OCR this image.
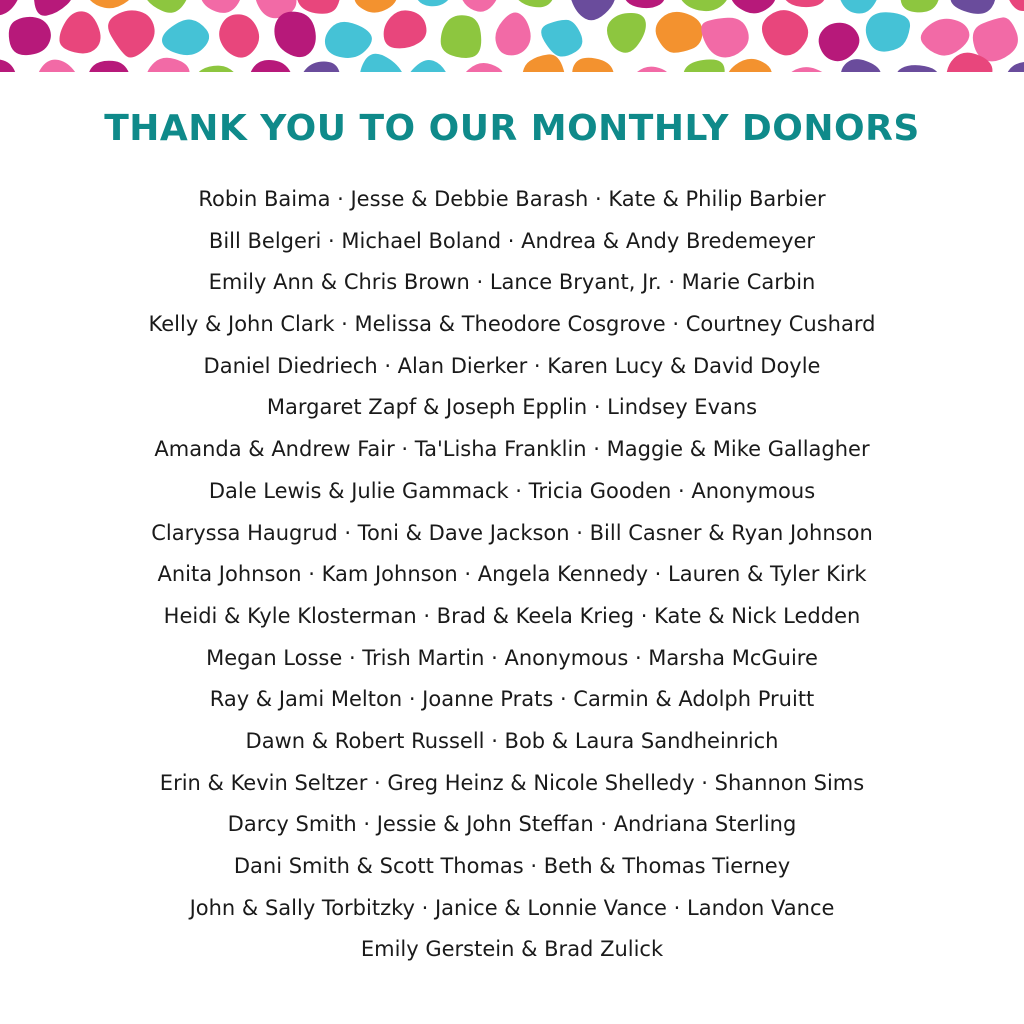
THANK YOU TO OUR MONTHLY DONORS
Robin Baima · Jesse & Debbie Barash · Kate & Philip Barbier
Bill Belgeri · Michael Boland · Andrea & Andy Bredemeyer
Emily Ann & Chris Brown · Lance Bryant, Jr. · Marie Carbin
Kelly & John Clark · Melissa & Theodore Cosgrove · Courtney Cushard
Daniel Diedriech · Alan Dierker · Karen Lucy & David Doyle
Margaret Zapf & Joseph Epplin · Lindsey Evans
Amanda & Andrew Fair · Ta'Lisha Franklin · Maggie & Mike Gallagher
Dale Lewis & Julie Gammack · Tricia Gooden · Anonymous
Claryssa Haugrud · Toni & Dave Jackson · Bill Casner & Ryan Johnson
Anita Johnson · Kam Johnson · Angela Kennedy · Lauren & Tyler Kirk
Heidi & Kyle Klosterman · Brad & Keela Krieg · Kate & Nick Ledden
Megan Losse · Trish Martin · Anonymous · Marsha McGuire
Ray & Jami Melton · Joanne Prats · Carmin & Adolph Pruitt
Dawn & Robert Russell · Bob & Laura Sandheinrich
Erin & Kevin Seltzer · Greg Heinz & Nicole Shelledy · Shannon Sims
Darcy Smith · Jessie & John Steffan · Andriana Sterling
Dani Smith & Scott Thomas · Beth & Thomas Tierney
John & Sally Torbitzky · Janice & Lonnie Vance · Landon Vance
Emily Gerstein & Brad Zulick
